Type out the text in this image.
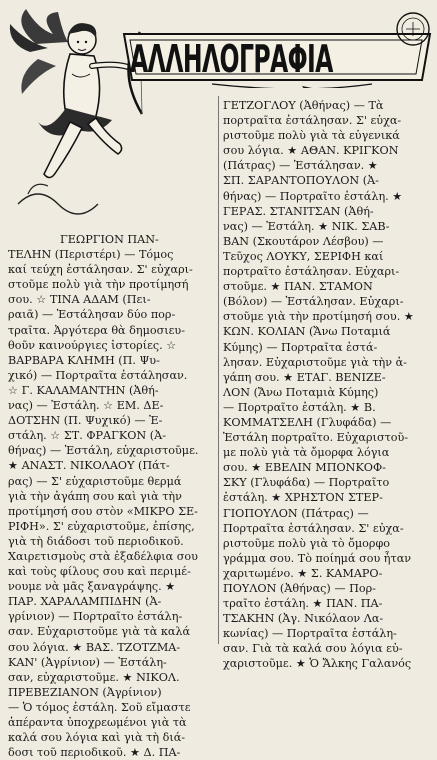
ΑΛΛΗΛΟΓΡΑΦΙΑ
ΓΕΩΡΓΙΟΝ ΠΑΝ-
ΤΕΛΗΝ (Περιστέρι) — Τόμος
καί τεύχη ἐστάλησαν. Σ' εὐχαρι-
στοῦμε πολὺ γιὰ τὴν προτίμησή
σου. ☆ ΤΙΝΑ ΑΔΑΜ (Πει-
ραιᾶ) — Ἐστάλησαν δύο πορ-
τραῖτα. Ἀργότερα θὰ δημοσιευ-
θοῦν καινούργιες ἱστορίες. ☆
ΒΑΡΒΑΡΑ ΚΛΗΜΗ (Π. Ψυ-
χικό) — Πορτραῖτα ἐστάλησαν.
☆ Γ. ΚΑΛΑΜΑΝΤΗΝ (Ἀθή-
νας) — Ἐστάλη. ☆ ΕΜ. ΔΕ-
ΔΟΤΣΗΝ (Π. Ψυχικό) — Ἐ-
στάλη. ☆ ΣΤ. ΦΡΑΓΚΟΝ (Ἀ-
θήνας) — Ἐστάλη, εὐχαριστοῦμε.
★ ΑΝΑΣΤ. ΝΙΚΟΛΑΟΥ (Πάτ-
ρας) — Σ' εὐχαριστοῦμε θερμά
γιὰ τὴν ἀγάπη σου καὶ γιὰ τὴν
προτίμησή σου στὸν «ΜΙΚΡΟ ΣΕ-
ΡΙΦΗ». Σ' εὐχαριστοῦμε, ἐπίσης,
γιὰ τὴ διάδοσι τοῦ περιοδικοῦ.
Χαιρετισμοὺς στὰ ἐξαδέλφια σου
καὶ τοὺς φίλους σου καὶ περιμέ-
νουμε νὰ μᾶς ξαναγράψης. ★
ΠΑΡ. ΧΑΡΑΛΑΜΠΙΔΗΝ (Ἀ-
γρίνιον) — Πορτραῖτο ἐστάλη-
σαν. Εὐχαριστοῦμε γιὰ τὰ καλά
σου λόγια. ★ ΒΑΣ. ΤΖΟΤΖΜΑ-
ΚΑΝ' (Ἀγρίνιον) — Ἐστάλη-
σαν, εὐχαριστοῦμε. ★ ΝΙΚΟΛ.
ΠΡΕΒΕΖΙΑΝΟΝ (Ἀγρίνιον)
— Ὁ τόμος ἐστάλη. Σοῦ εἴμαστε
ἀπέραντα ὑποχρεωμένοι γιὰ τὰ
καλά σου λόγια καὶ γιὰ τὴ διά-
δοσι τοῦ περιοδικοῦ. ★ Δ. ΠΑ-
ΓΕΤΖΟΓΛΟΥ (Ἀθήνας) — Τὰ
πορτραῖτα ἐστάλησαν. Σ' εὐχα-
ριστοῦμε πολὺ γιὰ τὰ εὐγενικά
σου λόγια. ★ ΑΘΑΝ. ΚΡΙΓΚΟΝ
(Πάτρας) — Ἐστάλησαν. ★
ΣΠ. ΣΑΡΑΝΤΟΠΟΥΛΟΝ (Ἀ-
θήνας) — Πορτραῖτο ἐστάλη. ★
ΓΕΡΑΣ. ΣΤΑΝΙΤΣΑΝ (Ἀθή-
νας) — Ἐστάλη. ★ ΝΙΚ. ΣΑΒ-
ΒΑΝ (Σκουτάρον Λέσβου) —
Τεῦχος ΛΟΥΚΥ, ΣΕΡΙΦΗ καί
πορτραῖτο ἐστάλησαν. Εὐχαρι-
στοῦμε. ★ ΠΑΝ. ΣΤΑΜΟΝ
(Βόλον) — Ἐστάλησαν. Εὐχαρι-
στοῦμε γιὰ τὴν προτίμησή σου. ★
ΚΩΝ. ΚΟΛΙΑΝ (Ἄνω Ποταμιά
Κύμης) — Πορτραῖτα ἐστά-
λησαν. Εὐχαριστοῦμε γιὰ τὴν ἀ-
γάπη σου. ★ ΕΤΑΓ. ΒΕΝΙΖΕ-
ΛΟΝ (Ἄνω Ποταμιὰ Κύμης)
— Πορτραῖτο ἐστάλη. ★ Β.
ΚΟΜΜΑΤΣΕΛΗ (Γλυφάδα) —
Ἐστάλη πορτραῖτο. Εὐχαριστοῦ-
με πολὺ γιὰ τὰ ὄμορφα λόγια
σου. ★ ΕΒΕΛΙΝ ΜΠΟΝΚΟΦ-
ΣΚΥ (Γλυφάδα) — Πορτραῖτο
ἐστάλη. ★ ΧΡΗΣΤΟΝ ΣΤΕΡ-
ΓΙΟΠΟΥΛΟΝ (Πάτρας) —
Πορτραῖτα ἐστάλησαν. Σ' εὐχα-
ριστοῦμε πολὺ γιὰ τὸ ὄμορφο
γράμμα σου. Τὸ ποίημά σου ἦταν
χαριτωμένο. ★ Σ. ΚΑΜΑΡΟ-
ΠΟΥΛΟΝ (Ἀθήνας) — Πορ-
τραῖτο ἐστάλη. ★ ΠΑΝ. ΠΑ-
ΤΣΑΚΗΝ (Ἀγ. Νικόλαον Λα-
κωνίας) — Πορτραῖτα ἐστάλη-
σαν. Γιὰ τὰ καλά σου λόγια εὐ-
χαριστοῦμε. ★ Ὁ Ἄλκης Γαλανός
